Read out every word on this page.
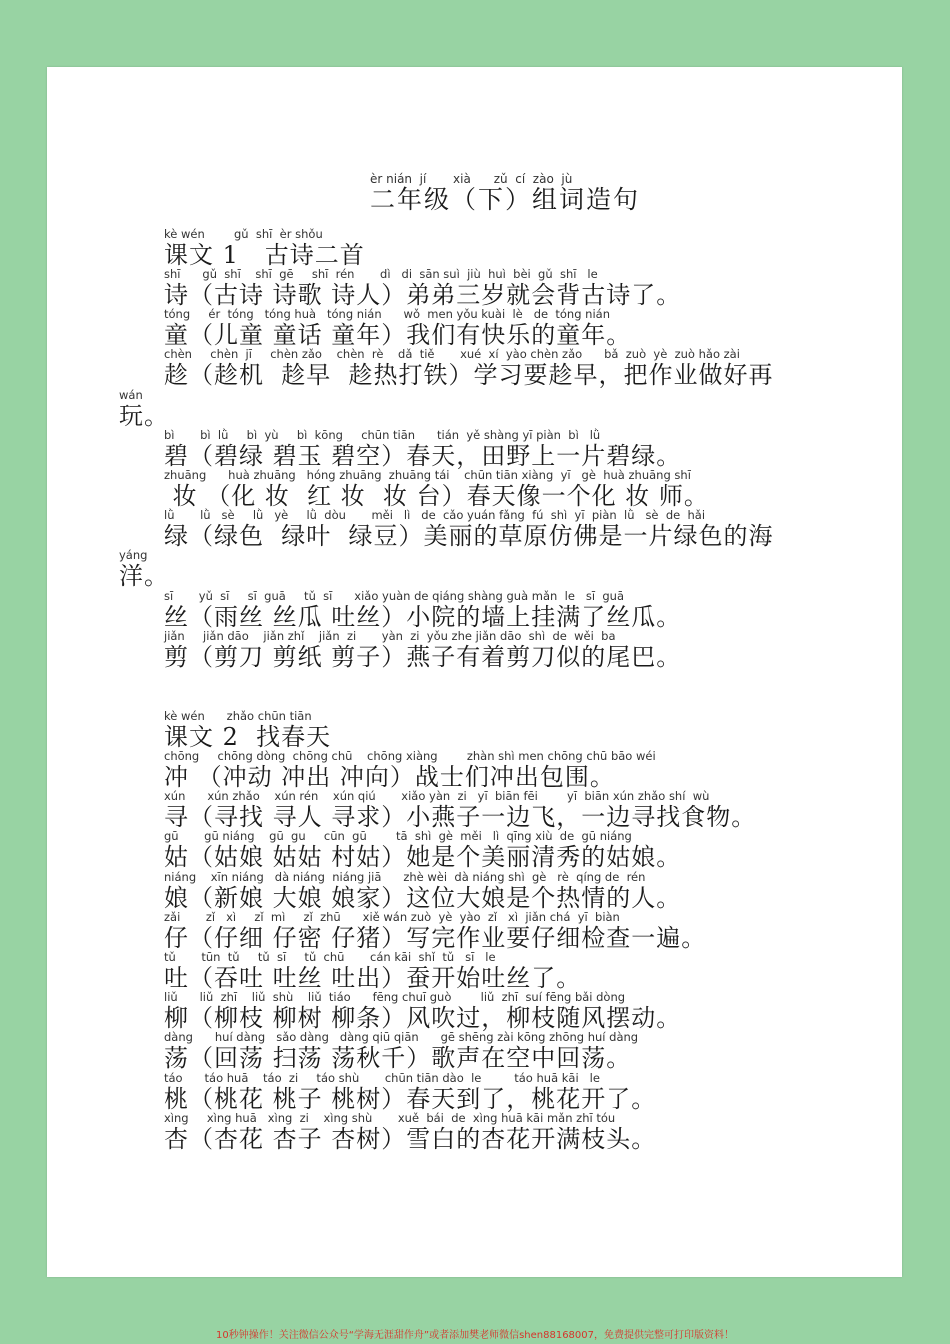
èr nián  jí       xià      zǔ  cí  zào  jù
二年级（下）组词造句
kè wén        gǔ  shī  èr shǒu
课文 1   古诗二首
shī      gǔ  shī    shī  gē     shī  rén       dì   di  sān suì  jiù  huì  bèi  gǔ  shī   le
诗（古诗 诗歌 诗人）弟弟三岁就会背古诗了。
tóng     ér  tóng   tóng huà   tóng nián      wǒ  men yǒu kuài  lè   de  tóng nián
童（儿童 童话 童年）我们有快乐的童年。
chèn     chèn  jī     chèn zǎo    chèn  rè    dǎ  tiě       xué  xí  yào chèn zǎo      bǎ  zuò  yè  zuò hǎo zài
趁（趁机  趁早  趁热打铁）学习要趁早，把作业做好再
wán
玩。
bì       bì  lǜ     bì  yù     bì  kōng     chūn tiān      tián  yě shàng yī piàn  bì   lǜ
碧（碧绿 碧玉 碧空）春天，田野上一片碧绿。
zhuāng      huà zhuāng   hóng zhuāng  zhuāng tái    chūn tiān xiàng  yī   gè  huà zhuāng shī
妆 （化 妆  红 妆  妆 台）春天像一个化 妆 师。
lǜ       lǜ   sè     lǜ   yè     lǜ  dòu       měi   lì   de  cǎo yuán fǎng  fú  shì  yī  piàn  lǜ   sè  de  hǎi
绿（绿色  绿叶  绿豆）美丽的草原仿佛是一片绿色的海
yáng
洋。
sī       yǔ  sī     sī  guā     tǔ  sī      xiǎo yuàn de qiáng shàng guà mǎn  le   sī  guā
丝（雨丝 丝瓜 吐丝）小院的墙上挂满了丝瓜。
jiǎn     jiǎn dāo    jiǎn zhǐ    jiǎn  zi       yàn  zi  yǒu zhe jiǎn dāo  shì  de  wěi  ba
剪（剪刀 剪纸 剪子）燕子有着剪刀似的尾巴。
kè wén      zhǎo chūn tiān
课文 2  找春天
chōng     chōng dòng  chōng chū    chōng xiàng        zhàn shì men chōng chū bāo wéi
冲 （冲动 冲出 冲向）战士们冲出包围。
xún      xún zhǎo    xún rén    xún qiú       xiǎo yàn  zi   yī  biān fēi        yī  biān xún zhǎo shí  wù
寻（寻找 寻人 寻求）小燕子一边飞，一边寻找食物。
gū       gū niáng    gū  gu     cūn  gū        tā  shì  gè  měi   lì  qīng xiù  de  gū niáng
姑（姑娘 姑姑 村姑）她是个美丽清秀的姑娘。
niáng    xīn niáng   dà niáng  niáng jiā      zhè wèi  dà niáng shì  gè   rè  qíng de  rén
娘（新娘 大娘 娘家）这位大娘是个热情的人。
zǎi       zǐ   xì     zǐ  mì     zǐ  zhū      xiě wán zuò  yè  yào  zǐ   xì  jiǎn chá  yī  biàn
仔（仔细 仔密 仔猪）写完作业要仔细检查一遍。
tǔ       tūn  tǔ     tǔ  sī     tǔ  chū       cán kāi  shǐ  tǔ   sī   le
吐（吞吐 吐丝 吐出）蚕开始吐丝了。
liǔ      liǔ  zhī    liǔ  shù    liǔ  tiáo      fēng chuī guò        liǔ  zhī  suí fēng bǎi dòng
柳（柳枝 柳树 柳条）风吹过，柳枝随风摆动。
dàng      huí dàng   sǎo dàng   dàng qiū qiān      gē shēng zài kōng zhōng huí dàng
荡（回荡 扫荡 荡秋千）歌声在空中回荡。
táo      táo huā    táo  zi     táo shù       chūn tiān dào  le         táo huā kāi   le
桃（桃花 桃子 桃树）春天到了，桃花开了。
xìng     xìng huā   xìng  zi    xìng shù       xuě  bái  de  xìng huā kāi mǎn zhī tóu
杏（杏花 杏子 杏树）雪白的杏花开满枝头。
10秒钟操作！关注微信公众号“学海无涯甜作舟”或者添加樊老师微信shen88168007，免费提供完整可打印版资料！
